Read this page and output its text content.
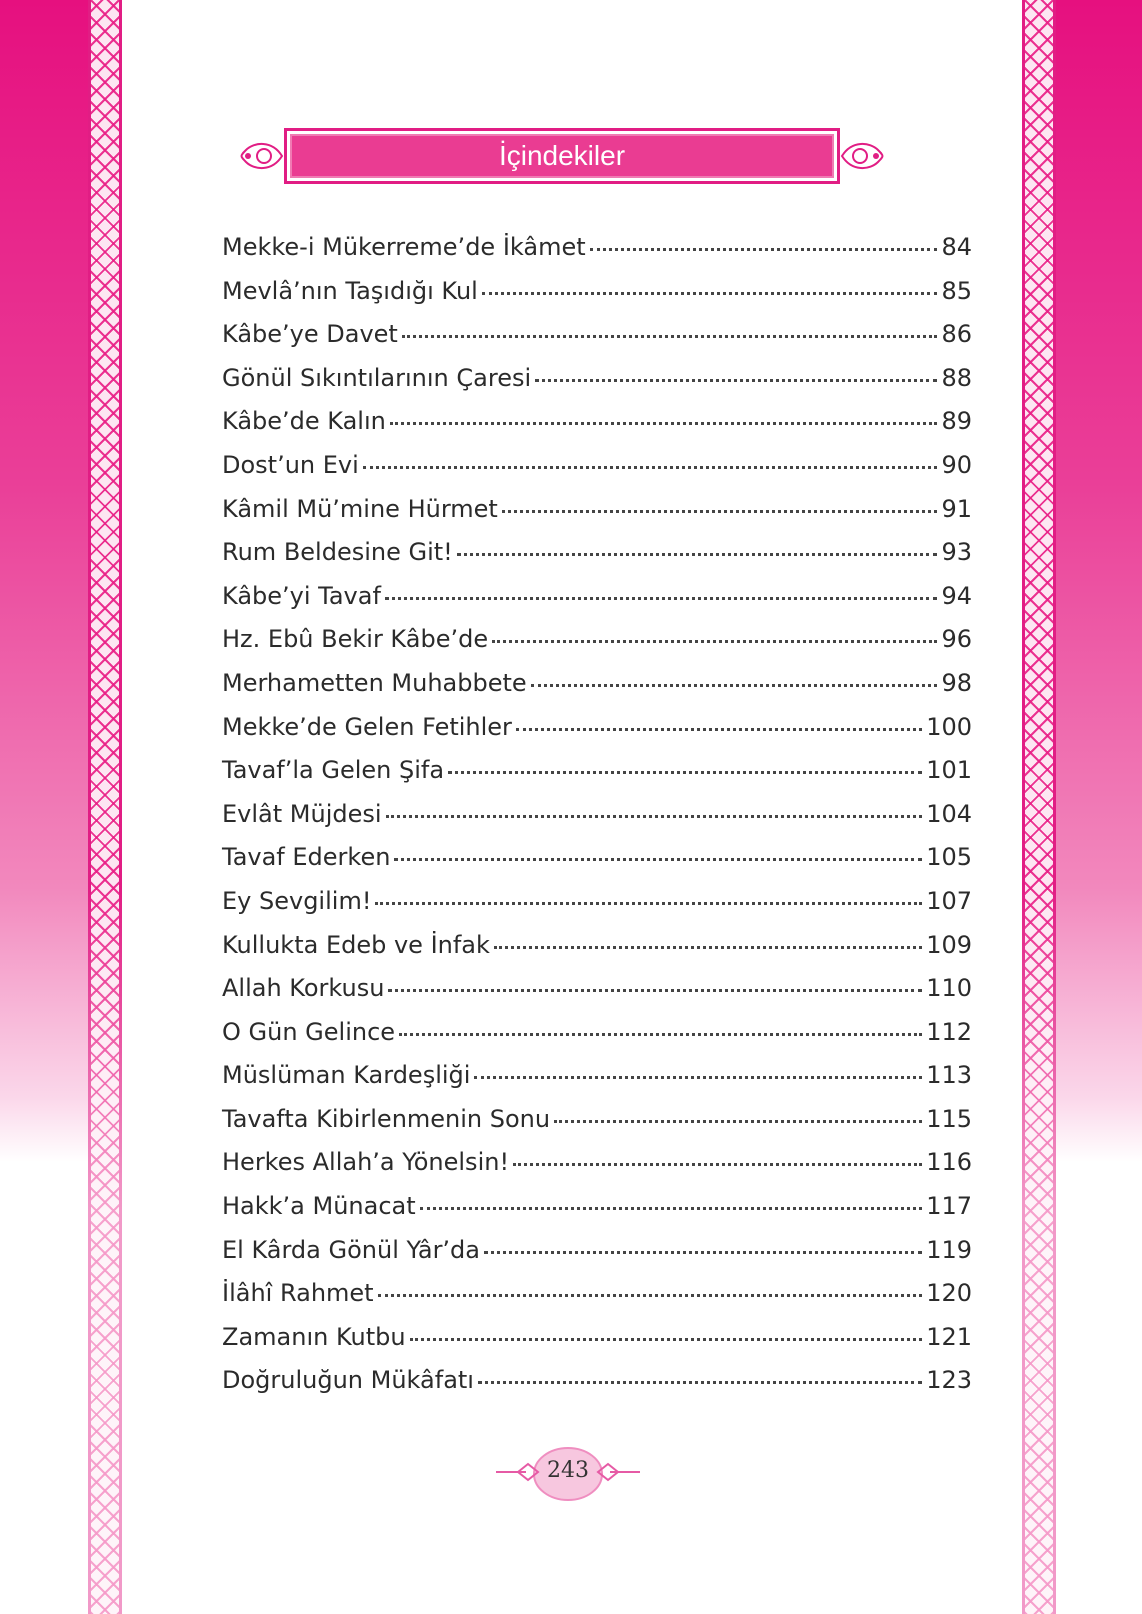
İçindekiler
Mekke-i Mükerreme’de İkâmet	84
Mevlâ’nın Taşıdığı Kul	85
Kâbe’ye Davet	86
Gönül Sıkıntılarının Çaresi	88
Kâbe’de Kalın	89
Dost’un Evi	90
Kâmil Mü’mine Hürmet	91
Rum Beldesine Git!	93
Kâbe’yi Tavaf	94
Hz. Ebû Bekir Kâbe’de	96
Merhametten Muhabbete	98
Mekke’de Gelen Fetihler	100
Tavaf’la Gelen Şifa	101
Evlât Müjdesi	104
Tavaf Ederken	105
Ey Sevgilim!	107
Kullukta Edeb ve İnfak	109
Allah Korkusu	110
O Gün Gelince	112
Müslüman Kardeşliği	113
Tavafta Kibirlenmenin Sonu	115
Herkes Allah’a Yönelsin!	116
Hakk’a Münacat	117
El Kârda Gönül Yâr’da	119
İlâhî Rahmet	120
Zamanın Kutbu	121
Doğruluğun Mükâfatı	123
243
